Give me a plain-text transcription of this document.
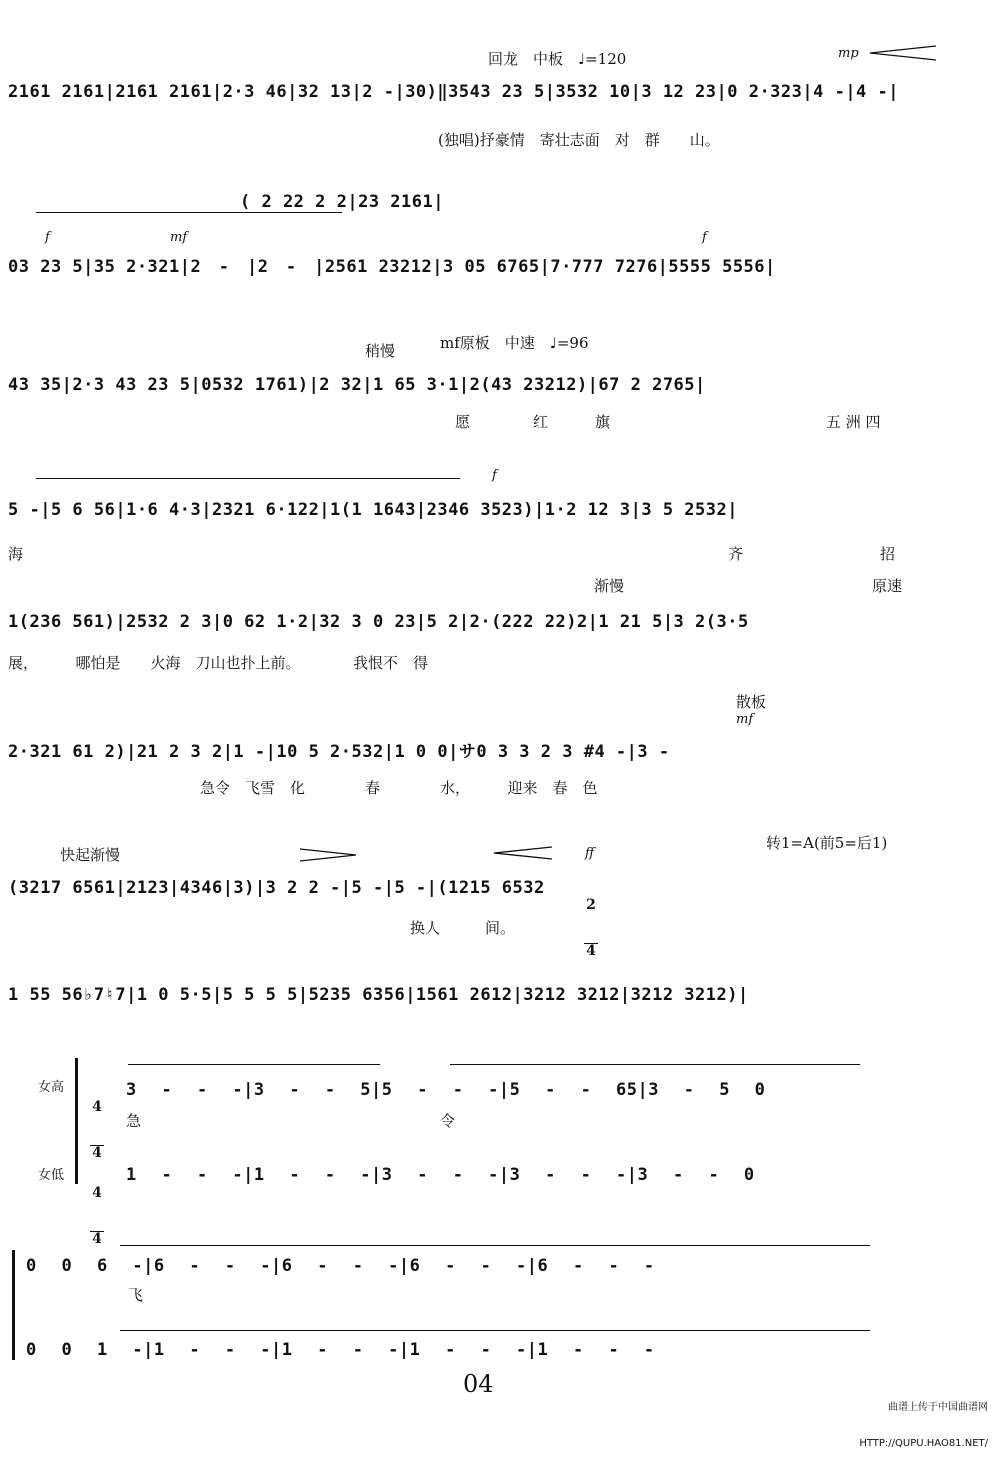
回龙　中板　♩=120	mp
2161 2161|2161 2161|2·3 46|32 13|2 -|30)‖3543 23 5|3532 10|3 12 23|0 2·323|4 -|4 -|
(独唱)抒豪情　寄壮志面　对　群　　山。
( 2 22 2 2|23 2161|
f	mf	f
03 23 5|35 2·321|2　-　|2　-　|2561 23212|3 05 6765|7·777 7276|5555 5556|
稍慢	mf原板　中速　♩=96
43 35|2·3 43 23 5|0532 1761)|2 32|1 65 3·1|2(43 23212)|67 2 2765|
愿	红	旗	五 洲 四
f
5 -|5 6 56|1·6 4·3|2321 6·122|1(1 1643|2346 3523)|1·2 12 3|3 5 2532|
海	齐	招
渐慢	原速
1(236 561)|2532 2 3|0 62 1·2|32 3 0 23|5 2|2·(222 22)2|1 21 5|3 2(3·5
展，　　　哪怕是　　火海　刀山也扑上前。　　　　我恨不　得
散板
mf
2·321 61 2)|21 2 3 2|1 -|10 5 2·532|1 0 0|サ0 3 3 2 3 #4 -|3 -
急令　飞雪　化　　　　春　　　　水，　　　迎来　春　色
快起渐慢	ff
转1=A(前5=后1)
(3217 6561|2123|4346|3)|3 2 2 -|5 -|5 -|(1215 6532

2

4

换人　　　间。
1 55 56♭7♮7|1 0 5·5|5 5 5 5|5235 6356|1561 2612|3212 3212|3212 3212)|
女高
女低

4

4

4

4

3 - - -|3 - - 5|5 - - -|5 - - 65|3 - 5 0
急	令
1 - - -|1 - - -|3 - - -|3 - - -|3 - - 0
0 0 6 -|6 - - -|6 - - -|6 - - -|6 - - -
飞
0 0 1 -|1 - - -|1 - - -|1 - - -|1 - - -
04

曲谱上传于中国曲谱网

HTTP://QUPU.HAO81.NET/
